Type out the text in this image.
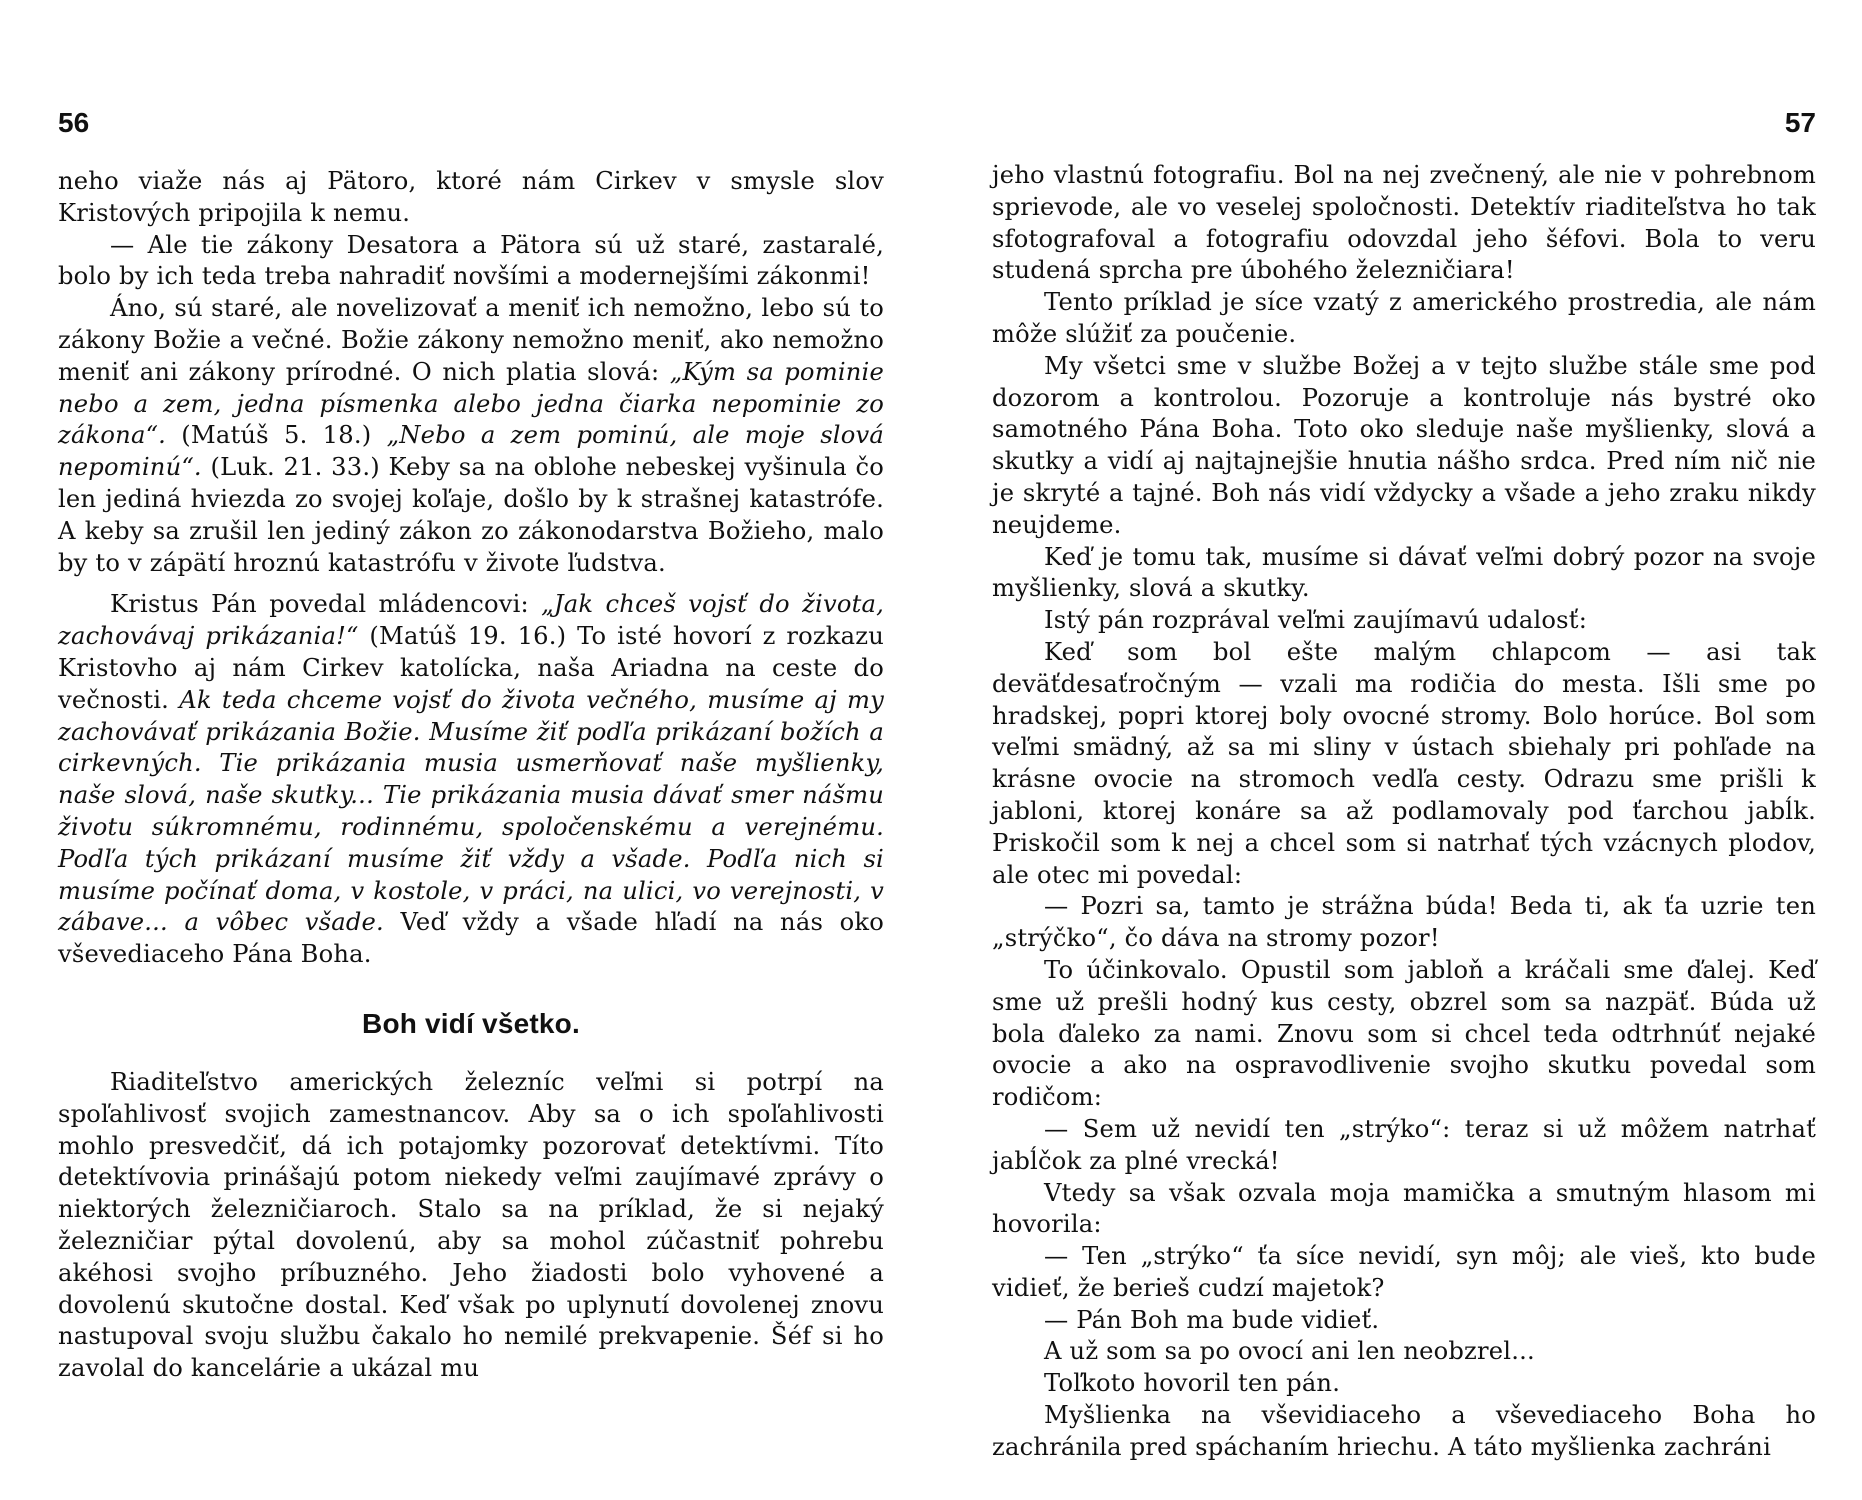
56

neho viaže nás aj Pätoro, ktoré nám Cirkev v smysle slov Kristových pripojila k nemu.

— Ale tie zákony Desatora a Pätora sú už staré, zastaralé, bolo by ich teda treba nahradiť novšími a modernejšími zákonmi!

Áno, sú staré, ale novelizovať a meniť ich nemožno, lebo sú to zákony Božie a večné. Božie zákony nemožno meniť, ako nemožno meniť ani zákony prírodné. O nich platia slová: „Kým sa pominie nebo a zem, jedna písmenka alebo jedna čiarka nepominie zo zákona“. (Matúš 5. 18.) „Nebo a zem pominú, ale moje slová nepominú“. (Luk. 21. 33.) Keby sa na oblohe nebeskej vyšinula čo len jediná hviezda zo svojej koľaje, došlo by k strašnej katastrófe. A keby sa zrušil len jediný zákon zo zákonodarstva Božieho, malo by to v zápätí hroznú katastrófu v živote ľudstva.

Kristus Pán povedal mládencovi: „Jak chceš vojsť do života, zachovávaj prikázania!“ (Matúš 19. 16.) To isté hovorí z rozkazu Kristovho aj nám Cirkev katolícka, naša Ariadna na ceste do večnosti. Ak teda chceme vojsť do života večného, musíme aj my zachovávať prikázania Božie. Musíme žiť podľa prikázaní božích a cirkevných. Tie prikázania musia usmerňovať naše myšlienky, naše slová, naše skutky... Tie prikázania musia dávať smer nášmu životu súkromnému, rodinnému, spoločenskému a verejnému. Podľa tých prikázaní musíme žiť vždy a všade. Podľa nich si musíme počínať doma, v kostole, v práci, na ulici, vo verejnosti, v zábave... a vôbec všade. Veď vždy a všade hľadí na nás oko vševediaceho Pána Boha.

Boh vidí všetko.

Riaditeľstvo amerických železníc veľmi si potrpí na spoľahlivosť svojich zamestnancov. Aby sa o ich spoľahlivosti mohlo presvedčiť, dá ich potajomky pozorovať detektívmi. Títo detektívovia prinášajú potom niekedy veľmi zaujímavé zprávy o niektorých železničiaroch. Stalo sa na príklad, že si nejaký železničiar pýtal dovolenú, aby sa mohol zúčastniť pohrebu akéhosi svojho príbuzného. Jeho žiadosti bolo vyhovené a dovolenú skutočne dostal. Keď však po uplynutí dovolenej znovu nastupoval svoju službu čakalo ho nemilé prekvapenie. Šéf si ho zavolal do kancelárie a ukázal mu

57

jeho vlastnú fotografiu. Bol na nej zvečnený, ale nie v pohrebnom sprievode, ale vo veselej spoločnosti. Detektív riaditeľstva ho tak sfotografoval a fotografiu odovzdal jeho šéfovi. Bola to veru studená sprcha pre úbohého železničiara!

Tento príklad je síce vzatý z amerického prostredia, ale nám môže slúžiť za poučenie.

My všetci sme v službe Božej a v tejto službe stále sme pod dozorom a kontrolou. Pozoruje a kontroluje nás bystré oko samotného Pána Boha. Toto oko sleduje naše myšlienky, slová a skutky a vidí aj najtajnejšie hnutia nášho srdca. Pred ním nič nie je skryté a tajné. Boh nás vidí vždycky a všade a jeho zraku nikdy neujdeme.

Keď je tomu tak, musíme si dávať veľmi dobrý pozor na svoje myšlienky, slová a skutky.

Istý pán rozprával veľmi zaujímavú udalosť:

Keď som bol ešte malým chlapcom — asi tak deväťdesaťročným — vzali ma rodičia do mesta. Išli sme po hradskej, popri ktorej boly ovocné stromy. Bolo horúce. Bol som veľmi smädný, až sa mi sliny v ústach sbiehaly pri pohľade na krásne ovocie na stromoch vedľa cesty. Odrazu sme prišli k jabloni, ktorej konáre sa až podlamovaly pod ťarchou jabĺk. Priskočil som k nej a chcel som si natrhať tých vzácnych plodov, ale otec mi povedal:

— Pozri sa, tamto je strážna búda! Beda ti, ak ťa uzrie ten „strýčko“, čo dáva na stromy pozor!

To účinkovalo. Opustil som jabloň a kráčali sme ďalej. Keď sme už prešli hodný kus cesty, obzrel som sa nazpäť. Búda už bola ďaleko za nami. Znovu som si chcel teda odtrhnúť nejaké ovocie a ako na ospravodlivenie svojho skutku povedal som rodičom:

— Sem už nevidí ten „strýko“: teraz si už môžem natrhať jabĺčok za plné vrecká!

Vtedy sa však ozvala moja mamička a smutným hlasom mi hovorila:

— Ten „strýko“ ťa síce nevidí, syn môj; ale vieš, kto bude vidieť, že berieš cudzí majetok?

— Pán Boh ma bude vidieť.

A už som sa po ovocí ani len neobzrel...

Toľkoto hovoril ten pán.

Myšlienka na vševidiaceho a vševediaceho Boha ho zachránila pred spáchaním hriechu. A táto myšlienka zachráni
